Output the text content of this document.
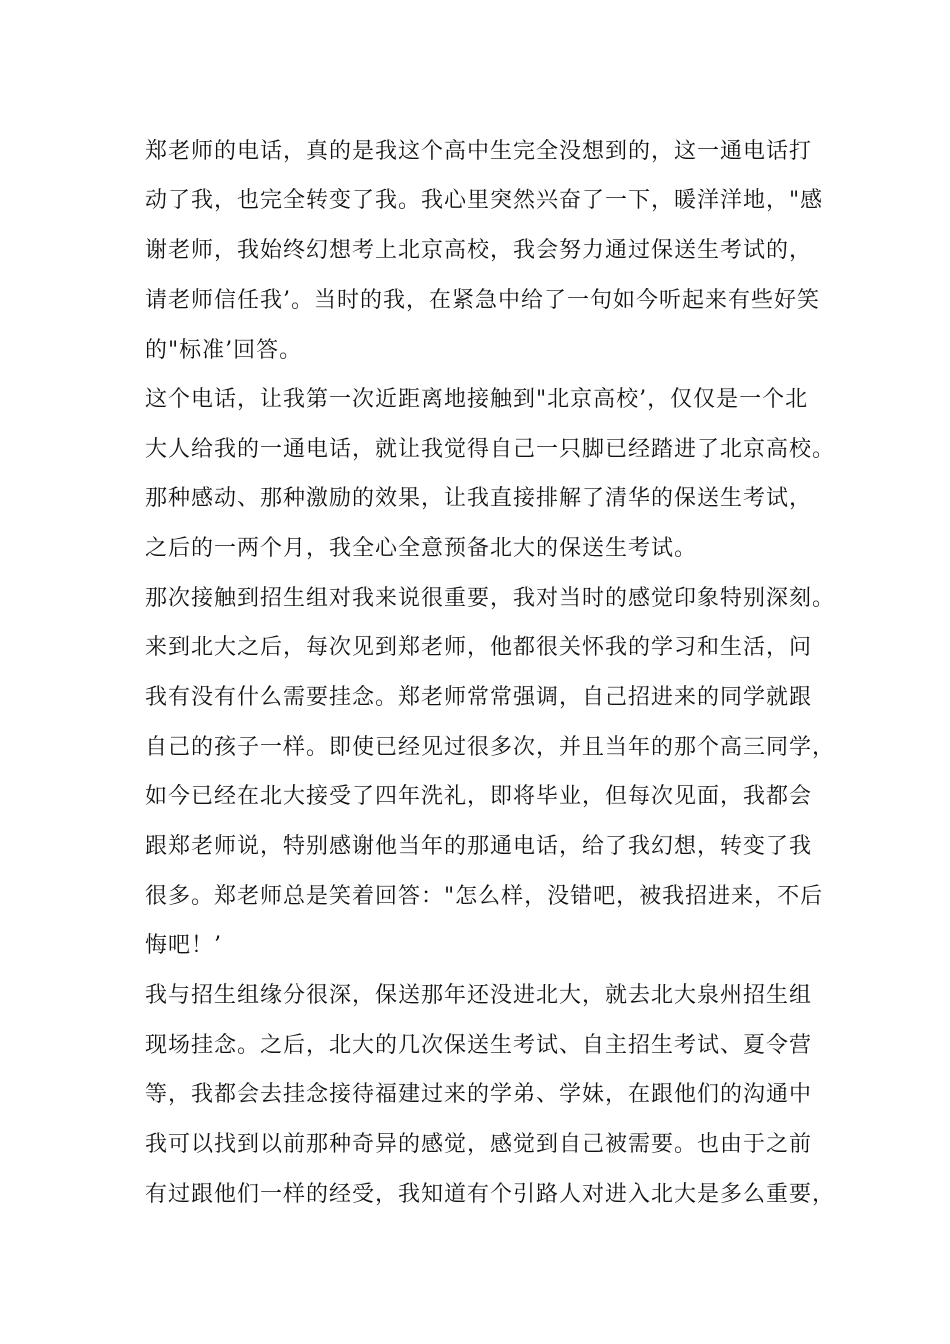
郑老师的电话，真的是我这个高中生完全没想到的，这一通电话打
动了我，也完全转变了我。我心里突然兴奋了一下，暖洋洋地，"感
谢老师，我始终幻想考上北京高校，我会努力通过保送生考试的，
请老师信任我’。当时的我，在紧急中给了一句如今听起来有些好笑
的"标准’回答。
这个电话，让我第一次近距离地接触到"北京高校’，仅仅是一个北
大人给我的一通电话，就让我觉得自己一只脚已经踏进了北京高校。
那种感动、那种激励的效果，让我直接排解了清华的保送生考试，
之后的一两个月，我全心全意预备北大的保送生考试。
那次接触到招生组对我来说很重要，我对当时的感觉印象特别深刻。
来到北大之后，每次见到郑老师，他都很关怀我的学习和生活，问
我有没有什么需要挂念。郑老师常常强调，自己招进来的同学就跟
自己的孩子一样。即使已经见过很多次，并且当年的那个高三同学，
如今已经在北大接受了四年洗礼，即将毕业，但每次见面，我都会
跟郑老师说，特别感谢他当年的那通电话，给了我幻想，转变了我
很多。郑老师总是笑着回答："怎么样，没错吧，被我招进来，不后
悔吧！’
我与招生组缘分很深，保送那年还没进北大，就去北大泉州招生组
现场挂念。之后，北大的几次保送生考试、自主招生考试、夏令营
等，我都会去挂念接待福建过来的学弟、学妹，在跟他们的沟通中
我可以找到以前那种奇异的感觉，感觉到自己被需要。也由于之前
有过跟他们一样的经受，我知道有个引路人对进入北大是多么重要，
